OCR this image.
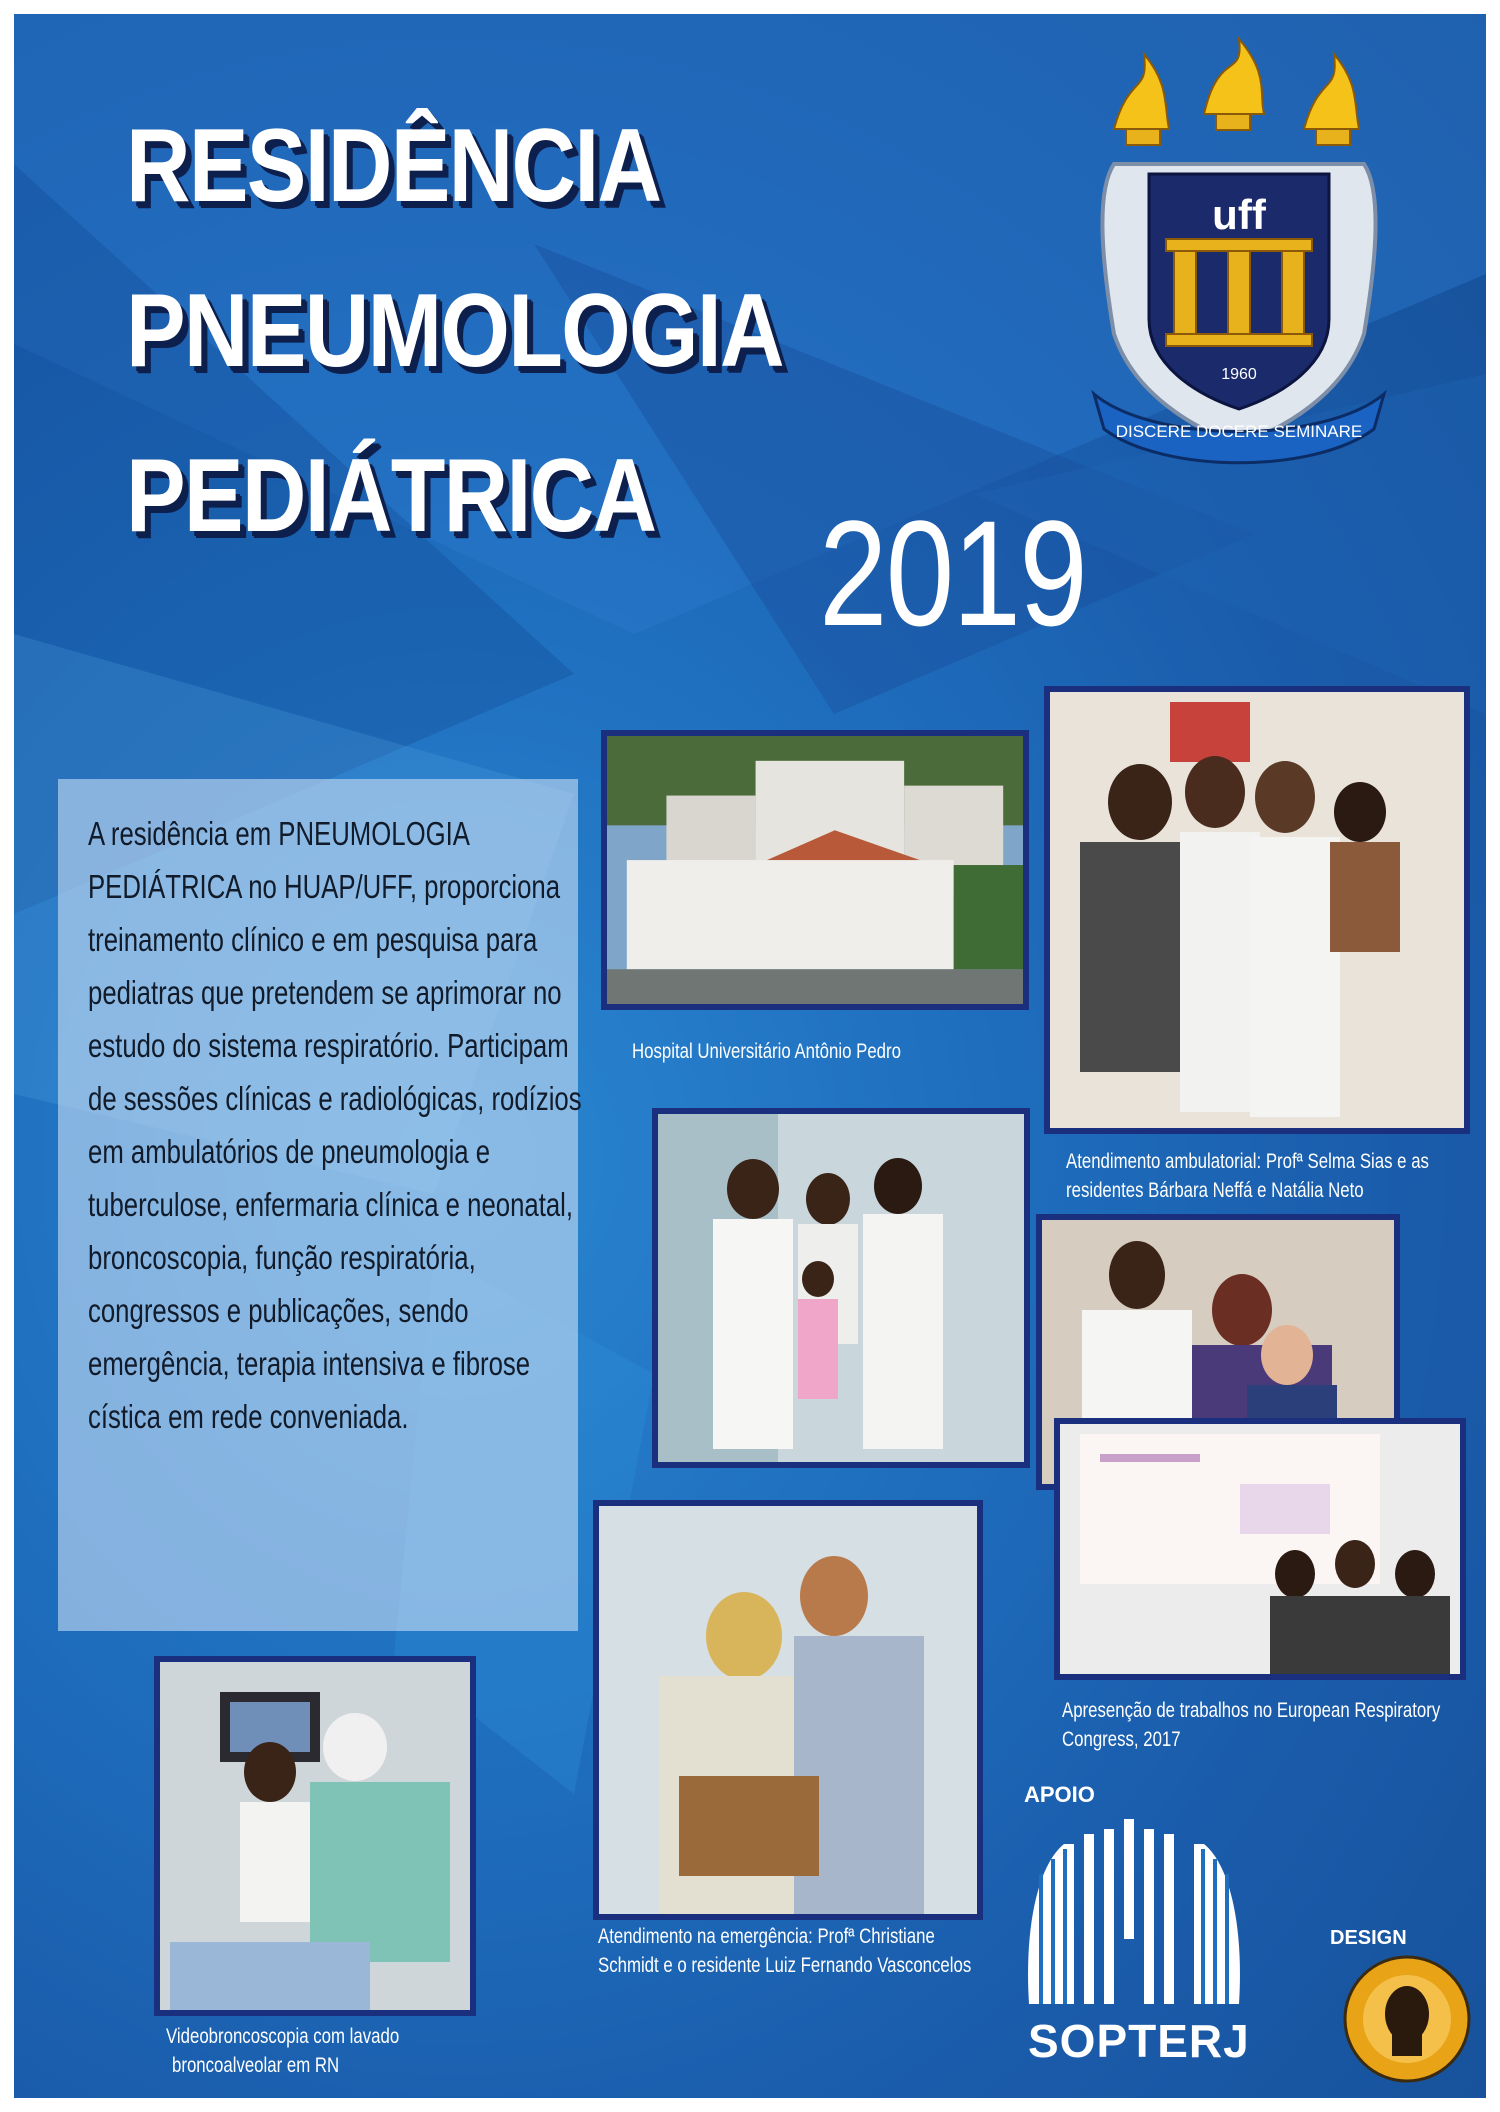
RESIDÊNCIA
PNEUMOLOGIA
PEDIÁTRICA 2019
uff
1960
DISCERE DOCERE SEMINARE

A residência em PNEUMOLOGIA PEDIÁTRICA no HUAP/UFF, proporciona treinamento clínico e em pesquisa para pediatras que pretendem se aprimorar no estudo do sistema respiratório. Participam de sessões clínicas e radiológicas, rodízios em ambulatórios de pneumologia e tuberculose, enfermaria clínica e neonatal, broncoscopia, função respiratória, congressos e publicações, sendo emergência, terapia intensiva e fibrose cística em rede conveniada.

Hospital Universitário Antônio Pedro
Atendimento ambulatorial: Profª Selma Sias e as
residentes Bárbara Neffá e Natália Neto
Apresenção de trabalhos no European Respiratory
Congress, 2017
Atendimento na emergência: Profª Christiane
Schmidt e o residente Luiz Fernando Vasconcelos
Videobroncoscopia com lavado
broncoalveolar em RN
APOIO
SOPTERJ
DESIGN
